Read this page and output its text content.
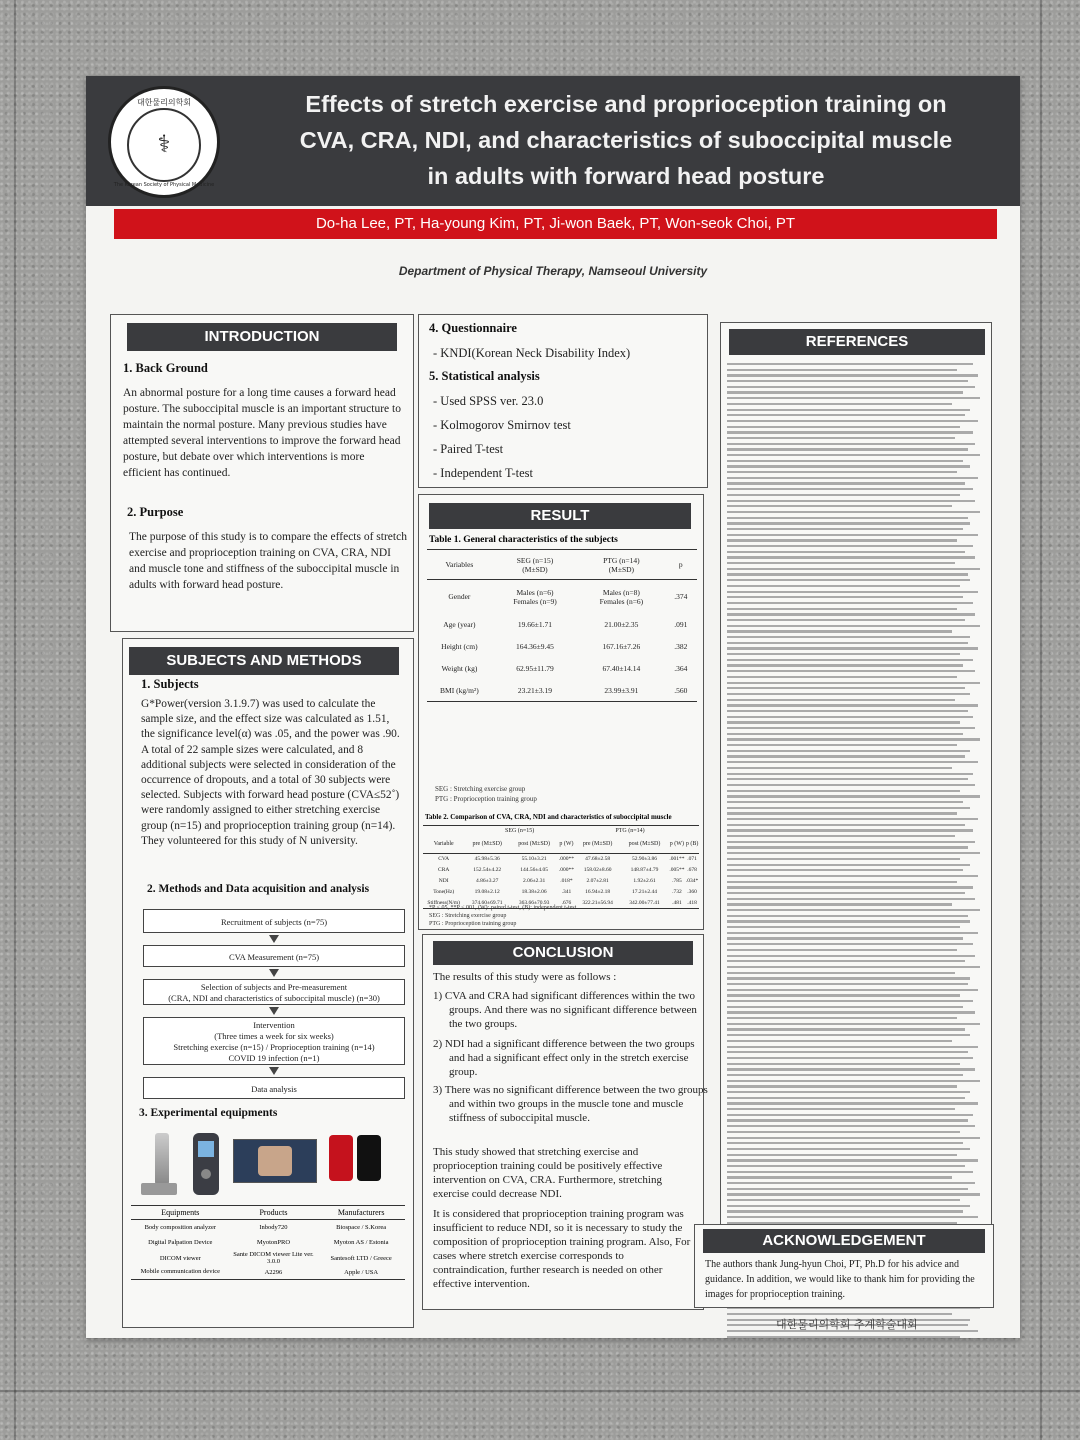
대한물리의학회
⚕
The Korean Society of Physical Medicine
Effects of stretch exercise and proprioception training on
CVA, CRA, NDI, and characteristics of suboccipital muscle
in adults with forward head posture
Do-ha Lee, PT, Ha-young Kim, PT, Ji-won Baek, PT, Won-seok Choi, PT
Department of Physical Therapy, Namseoul University
INTRODUCTION
1. Back Ground
An abnormal posture for a long time causes a forward head posture. The suboccipital muscle is an important structure to maintain the normal posture. Many previous studies have attempted several interventions to improve the forward head posture, but debate over which interventions is more efficient has continued.
2. Purpose
The purpose of this study is to compare the effects of stretch exercise and proprioception training on CVA, CRA, NDI and muscle tone and stiffness of the suboccipital muscle in adults with forward head posture.
SUBJECTS AND METHODS
1. Subjects
G*Power(version 3.1.9.7) was used to calculate the sample size, and the effect size was calculated as 1.51, the significance level(α) was .05, and the power was .90. A total of 22 sample sizes were calculated, and 8 additional subjects were selected in consideration of the occurrence of dropouts, and a total of 30 subjects were selected. Subjects with forward head posture (CVA≤52˚) were randomly assigned to either stretching exercise group (n=15) and proprioception training group (n=14). They volunteered for this study of N university.
2. Methods and Data acquisition and analysis
Recruitment of subjects (n=75)
CVA Measurement (n=75)
Selection of subjects and Pre-measurement
(CRA, NDI and characteristics of suboccipital muscle) (n=30)
Intervention
(Three times a week for six weeks)
Stretching exercise (n=15) / Proprioception training (n=14)
COVID 19 infection (n=1)
Data analysis
3. Experimental equipments
Equipments	Products	Manufacturers
Body composition analyzer	Inbody720	Biospace / S.Korea
Digital Palpation Device	MyotonPRO	Myoton AS / Estonia
DICOM viewer	Sante DICOM viewer Lite ver. 3.0.0	Santesoft LTD / Greece
Mobile communication device	A2296	Apple / USA
4. Questionnaire
- KNDI(Korean Neck Disability Index)
5. Statistical analysis
- Used SPSS ver. 23.0
- Kolmogorov Smirnov test
- Paired T-test
- Independent T-test
RESULT
Table 1. General characteristics of the subjects
Variables	SEG (n=15) (M±SD)	PTG (n=14) (M±SD)	p
Gender	Males (n=6) Females (n=9)	Males (n=8) Females (n=6)	.374
Age (year)	19.66±1.71	21.00±2.35	.091
Height (cm)	164.36±9.45	167.16±7.26	.382
Weight (kg)	62.95±11.79	67.40±14.14	.364
BMI (kg/m²)	23.21±3.19	23.99±3.91	.560
SEG : Stretching exercise group
PTG : Proprioception training group
Table 2. Comparison of CVA, CRA, NDI and characteristics of suboccipital muscle
	SEG (n=15)			PTG (n=14)			
Variable	pre (M±SD)	post (M±SD)	p (W)	pre (M±SD)	post (M±SD)	p (W)	p (B)
CVA	45.98±5.36	55.10±3.21	.000**	47.68±2.58	52.90±3.86	.001**	.071
CRA	152.54±4.22	144.56±4.05	.000**	158.02±8.60	148.87±4.79	.005**	.678
NDI	4.86±3.27	2.06±2.31	.018*	2.07±2.81	1.92±2.61	.785	.034*
Tone(Hz)	19.08±2.12	18.38±2.06	.341	16.94±2.18	17.21±2.44	.732	.360
Stiffness(N/m)	374.60±69.71	363.66±70.93	.676	322.21±56.94	342.00±77.41	.481	.418
*P < 05, **P <.001, (W): paired t-test, (B): independent t-test
SEG : Stretching exercise group
PTG : Proprioception training group
CONCLUSION
The results of this study were as follows :
1) CVA and CRA had significant differences within the two groups. And there was no significant difference between the two groups.
2) NDI had a significant difference between the two groups and had a significant effect only in the stretch exercise group.
3) There was no significant difference between the two groups and within two groups in the muscle tone and muscle stiffness of suboccipital muscle.
This study showed that stretching exercise and proprioception training could be positively effective intervention on CVA, CRA. Furthermore, stretching exercise could decrease NDI.
It is considered that proprioception training program was insufficient to reduce NDI, so it is necessary to study the composition of proprioception training program. Also, For cases where stretch exercise corresponds to contraindication, further research is needed on other effective intervention.
REFERENCES
ACKNOWLEDGEMENT
The authors thank Jung-hyun Choi, PT, Ph.D for his advice and guidance. In addition, we would like to thank him for providing the images for proprioception training.
대한물리의학회 추계학술대회
